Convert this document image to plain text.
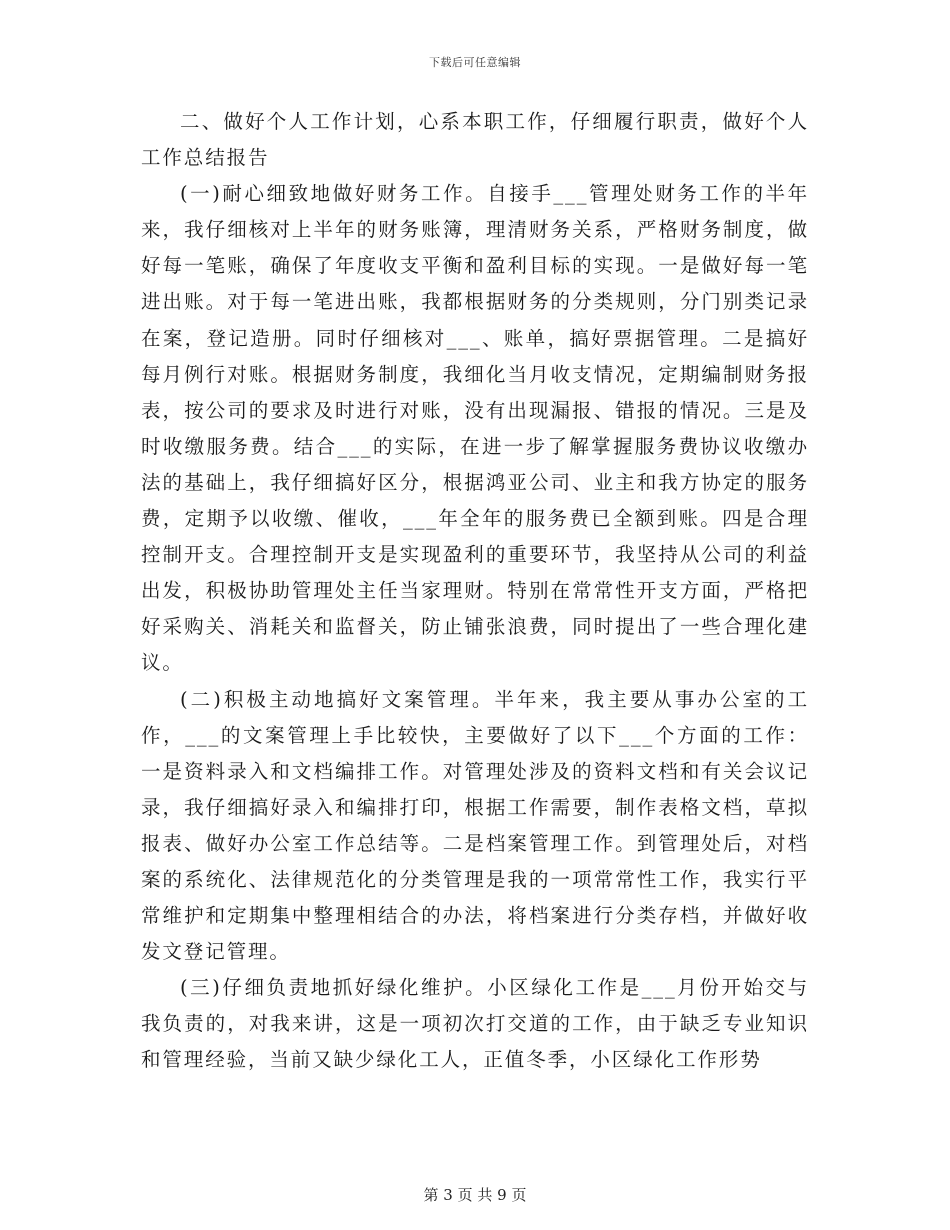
下载后可任意编辑

二、做好个人工作计划，心系本职工作，仔细履行职责，做好个人工作总结报告

(一)耐心细致地做好财务工作。自接手___管理处财务工作的半年来，我仔细核对上半年的财务账簿，理清财务关系，严格财务制度，做好每一笔账，确保了年度收支平衡和盈利目标的实现。一是做好每一笔进出账。对于每一笔进出账，我都根据财务的分类规则，分门别类记录在案，登记造册。同时仔细核对___、账单，搞好票据管理。二是搞好每月例行对账。根据财务制度，我细化当月收支情况，定期编制财务报表，按公司的要求及时进行对账，没有出现漏报、错报的情况。三是及时收缴服务费。结合___的实际，在进一步了解掌握服务费协议收缴办法的基础上，我仔细搞好区分，根据鸿亚公司、业主和我方协定的服务费，定期予以收缴、催收，___年全年的服务费已全额到账。四是合理控制开支。合理控制开支是实现盈利的重要环节，我坚持从公司的利益出发，积极协助管理处主任当家理财。特别在常常性开支方面，严格把好采购关、消耗关和监督关，防止铺张浪费，同时提出了一些合理化建议。

(二)积极主动地搞好文案管理。半年来，我主要从事办公室的工作，___的文案管理上手比较快，主要做好了以下___个方面的工作：一是资料录入和文档编排工作。对管理处涉及的资料文档和有关会议记录，我仔细搞好录入和编排打印，根据工作需要，制作表格文档，草拟报表、做好办公室工作总结等。二是档案管理工作。到管理处后，对档案的系统化、法律规范化的分类管理是我的一项常常性工作，我实行平常维护和定期集中整理相结合的办法，将档案进行分类存档，并做好收发文登记管理。

(三)仔细负责地抓好绿化维护。小区绿化工作是___月份开始交与我负责的，对我来讲，这是一项初次打交道的工作，由于缺乏专业知识和管理经验，当前又缺少绿化工人，正值冬季，小区绿化工作形势

第 3 页 共 9 页
